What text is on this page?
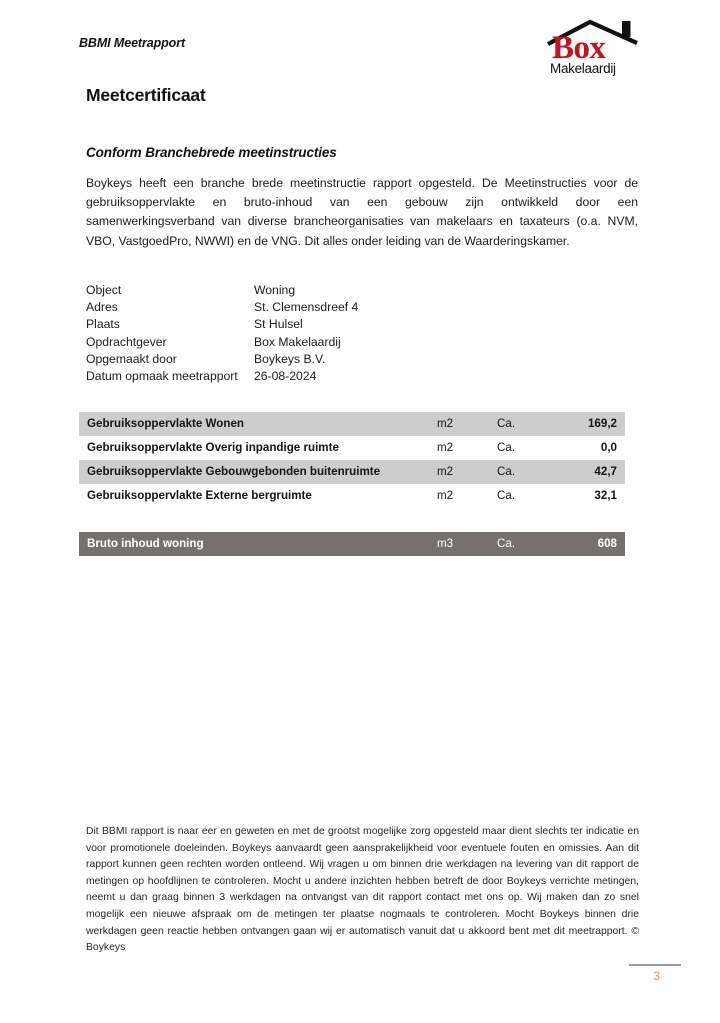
BBMI Meetrapport	Box
Makelaardij
Meetcertificaat
Conform Branchebrede meetinstructies
Boykeys heeft een branche brede meetinstructie rapport opgesteld. De Meetinstructies voor de gebruiksoppervlakte en bruto-inhoud van een gebouw zijn ontwikkeld door een samenwerkingsverband van diverse brancheorganisaties van makelaars en taxateurs (o.a. NVM, VBO, VastgoedPro, NWWI) en de VNG. Dit alles onder leiding van de Waarderingskamer.
Object	Woning
Adres	St. Clemensdreef 4
Plaats	St Hulsel
Opdrachtgever	Box Makelaardij
Opgemaakt door	Boykeys B.V.
Datum opmaak meetrapport 26-08-2024
Gebruiksoppervlakte Wonen	m2	Ca.	169,2
Gebruiksoppervlakte Overig inpandige ruimte	m2	Ca.	0,0
Gebruiksoppervlakte Gebouwgebonden buitenruimte	m2	Ca.	42,7
Gebruiksoppervlakte Externe bergruimte	m2	Ca.	32,1
Bruto inhoud woning	m3	Ca.	608
Dit BBMI rapport is naar eer en geweten en met de grootst mogelijke zorg opgesteld maar dient slechts ter indicatie en voor promotionele doeleinden. Boykeys aanvaardt geen aansprakelijkheid voor eventuele fouten en omissies. Aan dit rapport kunnen geen rechten worden ontleend. Wij vragen u om binnen drie werkdagen na levering van dit rapport de metingen op hoofdlijnen te controleren. Mocht u andere inzichten hebben betreft de door Boykeys verrichte metingen, neemt u dan graag binnen 3 werkdagen na ontvangst van dit rapport contact met ons op. Wij maken dan zo snel mogelijk een nieuwe afspraak om de metingen ter plaatse nogmaals te controleren. Mocht Boykeys binnen drie werkdagen geen reactie hebben ontvangen gaan wij er automatisch vanuit dat u akkoord bent met dit meetrapport. © Boykeys
3
